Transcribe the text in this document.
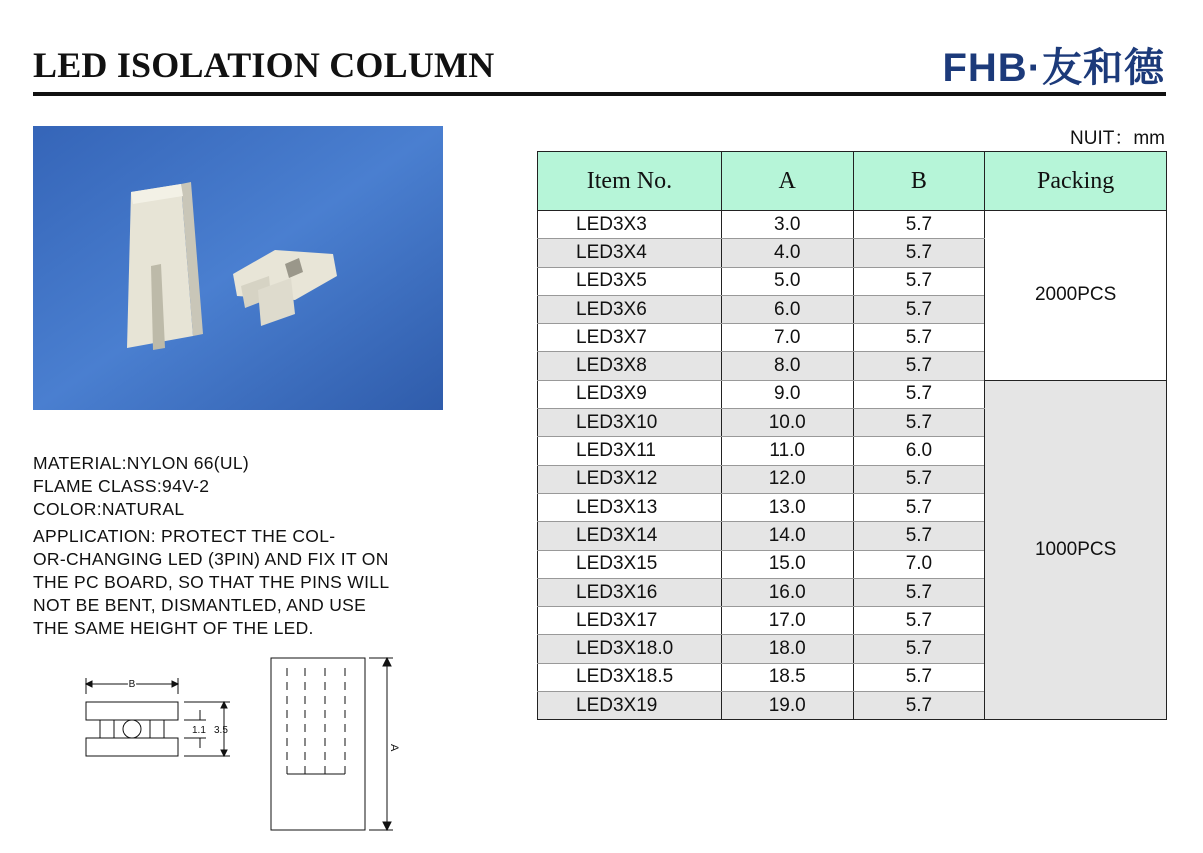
LED ISOLATION COLUMN	FHB·友和德
MATERIAL:NYLON 66(UL)
FLAME CLASS:94V-2
COLOR:NATURAL
APPLICATION: PROTECT THE COL-
OR-CHANGING LED (3PIN) AND FIX IT ON
THE PC BOARD, SO THAT THE PINS WILL
NOT BE BENT, DISMANTLED, AND USE
THE SAME HEIGHT OF THE LED.
NUIT：mm
Item No.	A	B	Packing
LED3X3	3.0	5.7	2000PCS
LED3X4	4.0	5.7	
LED3X5	5.0	5.7	
LED3X6	6.0	5.7	
LED3X7	7.0	5.7	
LED3X8	8.0	5.7	
LED3X9	9.0	5.7	1000PCS
LED3X10	10.0	5.7	
LED3X11	11.0	6.0	
LED3X12	12.0	5.7	
LED3X13	13.0	5.7	
LED3X14	14.0	5.7	
LED3X15	15.0	7.0	
LED3X16	16.0	5.7	
LED3X17	17.0	5.7	
LED3X18.0	18.0	5.7	
LED3X18.5	18.5	5.7	
LED3X19	19.0	5.7	
B
1.1 3.5
A
